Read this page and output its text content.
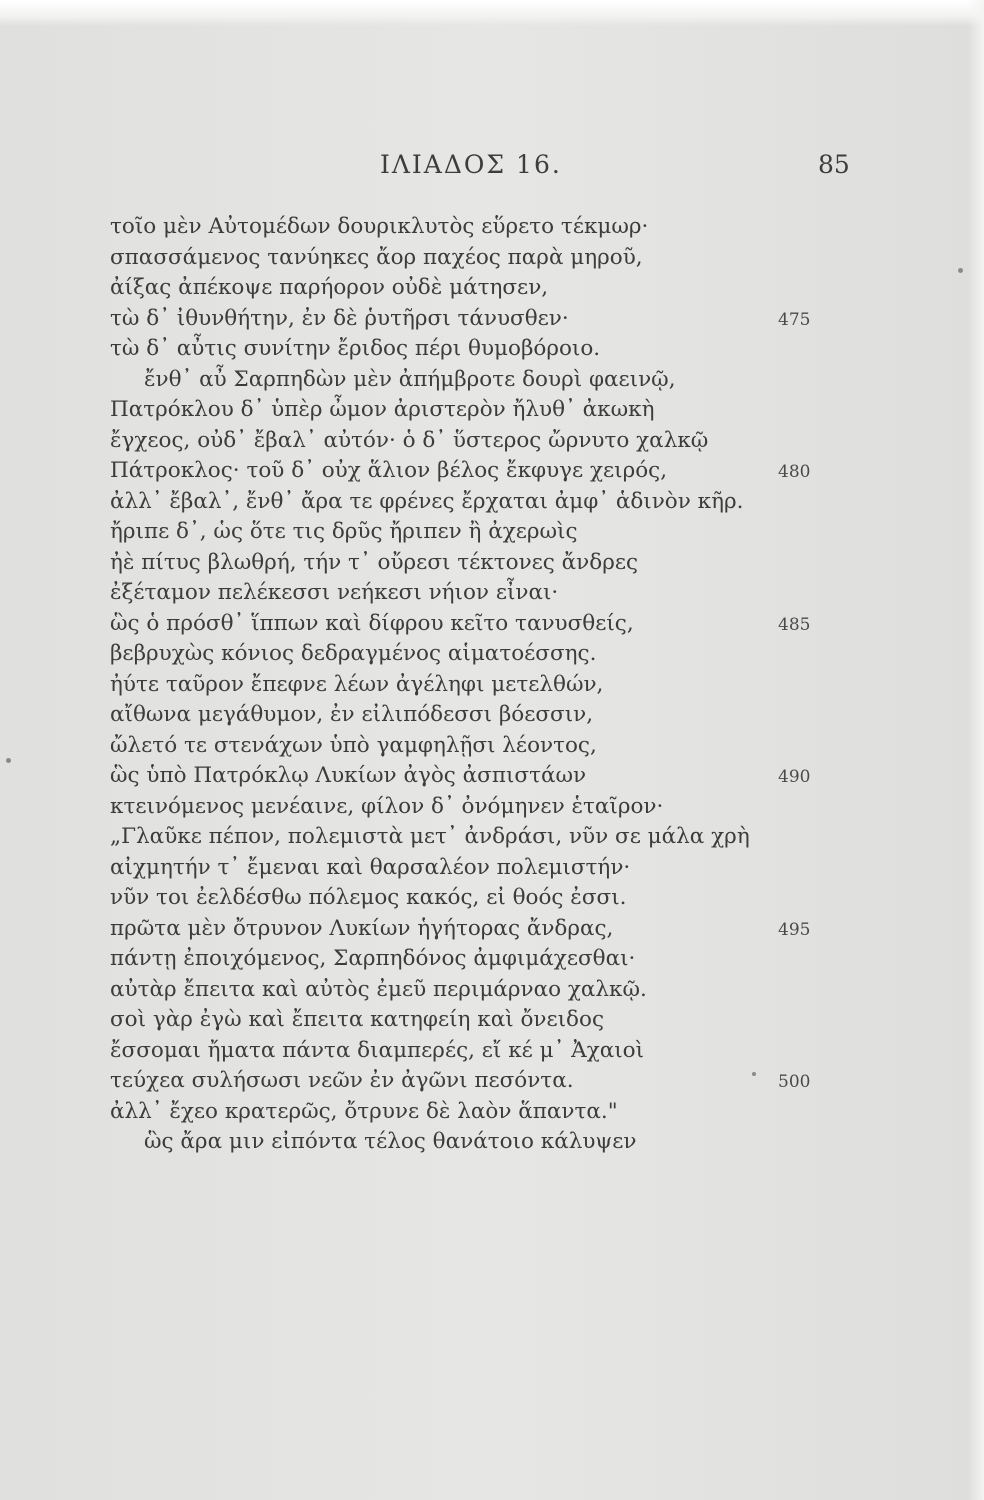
ΙΛΙΑΔΟΣ 16.	85
τοῖο μὲν Αὐτομέδων δουρικλυτὸς εὕρετο τέκμωρ·
σπασσάμενος τανύηκες ἄορ παχέος παρὰ μηροῦ,
ἀίξας ἀπέκοψε παρήορον οὐδὲ μάτησεν,
τὼ δ᾽ ἰθυνθήτην, ἐν δὲ ῥυτῆρσι τάνυσθεν·	475
τὼ δ᾽ αὖτις συνίτην ἔριδος πέρι θυμοβόροιο.
ἔνθ᾽ αὖ Σαρπηδὼν μὲν ἀπήμβροτε δουρὶ φαεινῷ,
Πατρόκλου δ᾽ ὑπὲρ ὦμον ἀριστερὸν ἤλυθ᾽ ἀκωκὴ
ἔγχεος, οὐδ᾽ ἔβαλ᾽ αὐτόν· ὁ δ᾽ ὕστερος ὤρνυτο χαλκῷ
Πάτροκλος· τοῦ δ᾽ οὐχ ἅλιον βέλος ἔκφυγε χειρός,	480
ἀλλ᾽ ἔβαλ᾽, ἔνθ᾽ ἄρα τε φρένες ἔρχαται ἀμφ᾽ ἁδινὸν κῆρ.
ἤριπε δ᾽, ὡς ὅτε τις δρῦς ἤριπεν ἢ ἀχερωὶς
ἠὲ πίτυς βλωθρή, τήν τ᾽ οὔρεσι τέκτονες ἄνδρες
ἐξέταμον πελέκεσσι νεήκεσι νήιον εἶναι·
ὣς ὁ πρόσθ᾽ ἵππων καὶ δίφρου κεῖτο τανυσθείς,	485
βεβρυχὼς κόνιος δεδραγμένος αἱματοέσσης.
ἠύτε ταῦρον ἔπεφνε λέων ἀγέληφι μετελθών,
αἴθωνα μεγάθυμον, ἐν εἰλιπόδεσσι βόεσσιν,
ὤλετό τε στενάχων ὑπὸ γαμφηλῇσι λέοντος,
ὣς ὑπὸ Πατρόκλῳ Λυκίων ἀγὸς ἀσπιστάων	490
κτεινόμενος μενέαινε, φίλον δ᾽ ὀνόμηνεν ἑταῖρον·
„Γλαῦκε πέπον, πολεμιστὰ μετ᾽ ἀνδράσι, νῦν σε μάλα χρὴ
αἰχμητήν τ᾽ ἔμεναι καὶ θαρσαλέον πολεμιστήν·
νῦν τοι ἐελδέσθω πόλεμος κακός, εἰ θοός ἐσσι.
πρῶτα μὲν ὄτρυνον Λυκίων ἡγήτορας ἄνδρας,	495
πάντῃ ἐποιχόμενος, Σαρπηδόνος ἀμφιμάχεσθαι·
αὐτὰρ ἔπειτα καὶ αὐτὸς ἐμεῦ περιμάρναο χαλκῷ.
σοὶ γὰρ ἐγὼ καὶ ἔπειτα κατηφείη καὶ ὄνειδος
ἔσσομαι ἤματα πάντα διαμπερές, εἴ κέ μ᾽ Ἀχαιοὶ
τεύχεα συλήσωσι νεῶν ἐν ἀγῶνι πεσόντα.	500
ἀλλ᾽ ἔχεο κρατερῶς, ὄτρυνε δὲ λαὸν ἅπαντα."
ὣς ἄρα μιν εἰπόντα τέλος θανάτοιο κάλυψεν
